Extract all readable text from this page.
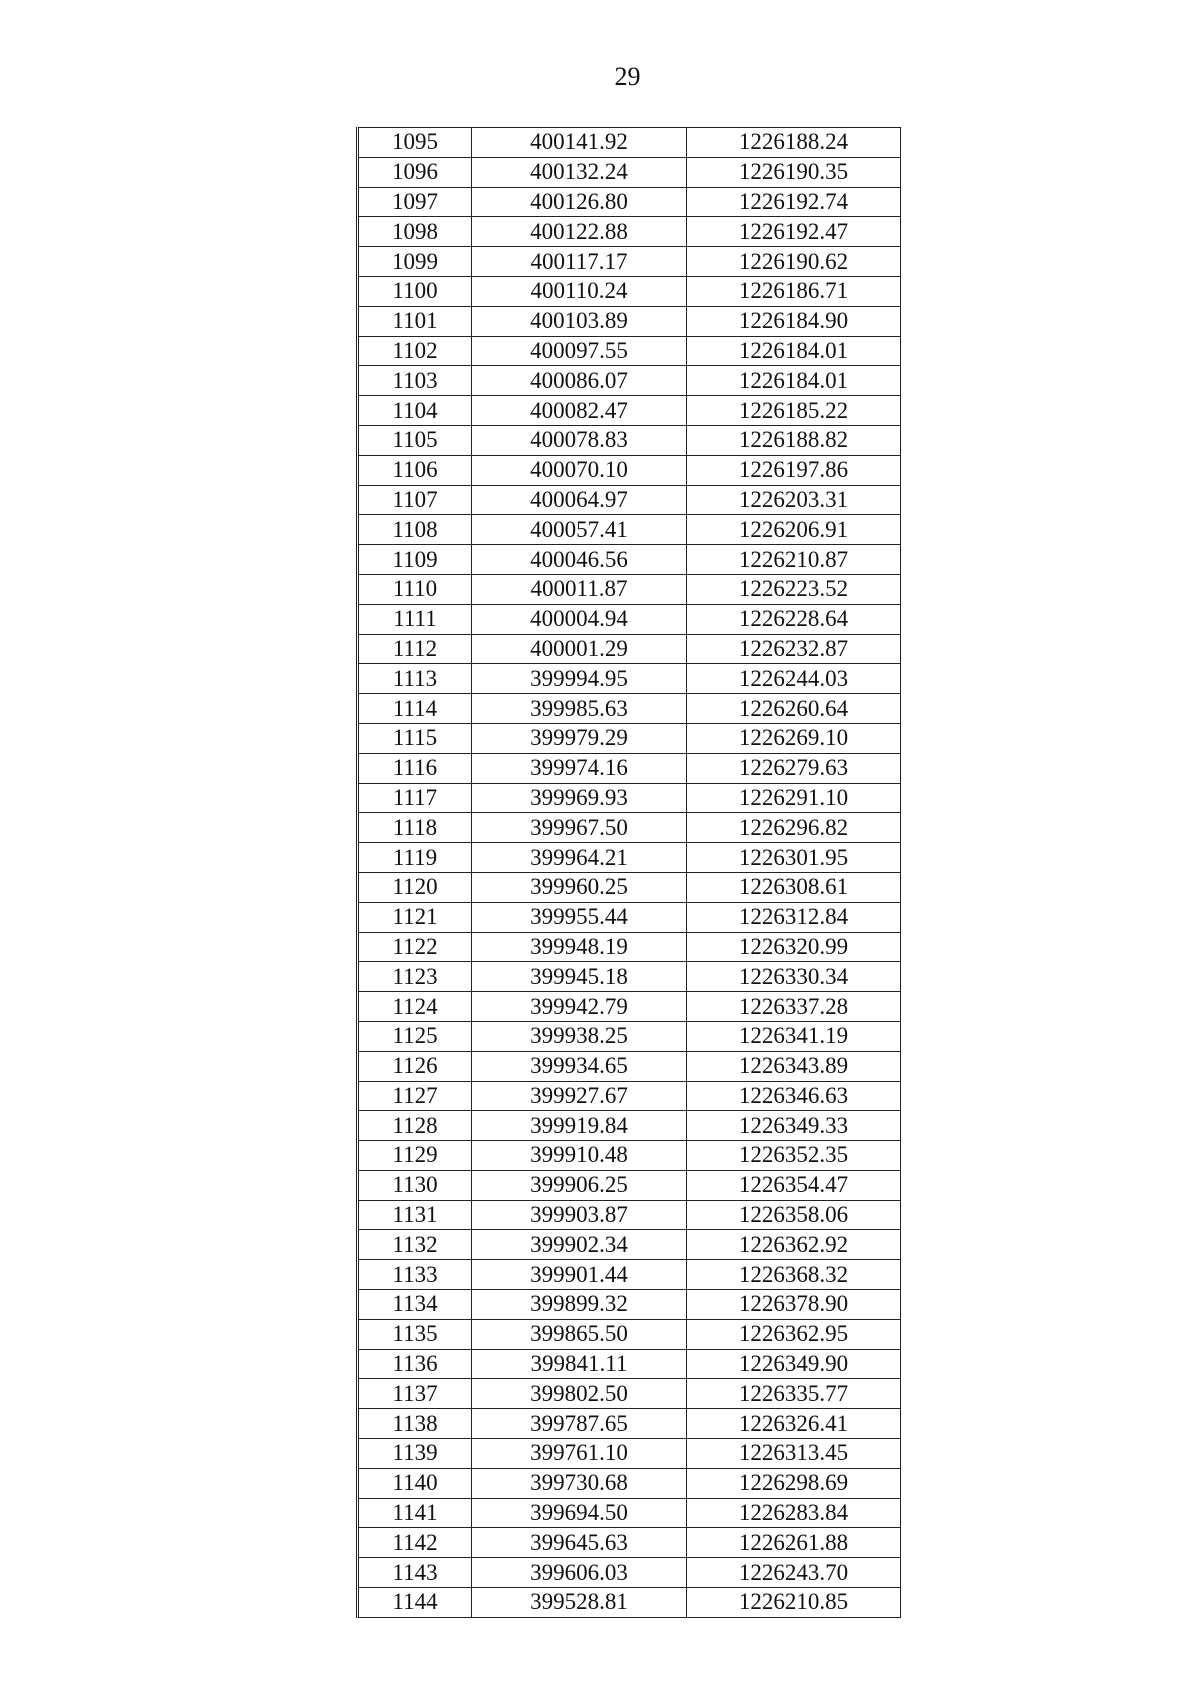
29
1095	400141.92	1226188.24
1096	400132.24	1226190.35
1097	400126.80	1226192.74
1098	400122.88	1226192.47
1099	400117.17	1226190.62
1100	400110.24	1226186.71
1101	400103.89	1226184.90
1102	400097.55	1226184.01
1103	400086.07	1226184.01
1104	400082.47	1226185.22
1105	400078.83	1226188.82
1106	400070.10	1226197.86
1107	400064.97	1226203.31
1108	400057.41	1226206.91
1109	400046.56	1226210.87
1110	400011.87	1226223.52
1111	400004.94	1226228.64
1112	400001.29	1226232.87
1113	399994.95	1226244.03
1114	399985.63	1226260.64
1115	399979.29	1226269.10
1116	399974.16	1226279.63
1117	399969.93	1226291.10
1118	399967.50	1226296.82
1119	399964.21	1226301.95
1120	399960.25	1226308.61
1121	399955.44	1226312.84
1122	399948.19	1226320.99
1123	399945.18	1226330.34
1124	399942.79	1226337.28
1125	399938.25	1226341.19
1126	399934.65	1226343.89
1127	399927.67	1226346.63
1128	399919.84	1226349.33
1129	399910.48	1226352.35
1130	399906.25	1226354.47
1131	399903.87	1226358.06
1132	399902.34	1226362.92
1133	399901.44	1226368.32
1134	399899.32	1226378.90
1135	399865.50	1226362.95
1136	399841.11	1226349.90
1137	399802.50	1226335.77
1138	399787.65	1226326.41
1139	399761.10	1226313.45
1140	399730.68	1226298.69
1141	399694.50	1226283.84
1142	399645.63	1226261.88
1143	399606.03	1226243.70
1144	399528.81	1226210.85
